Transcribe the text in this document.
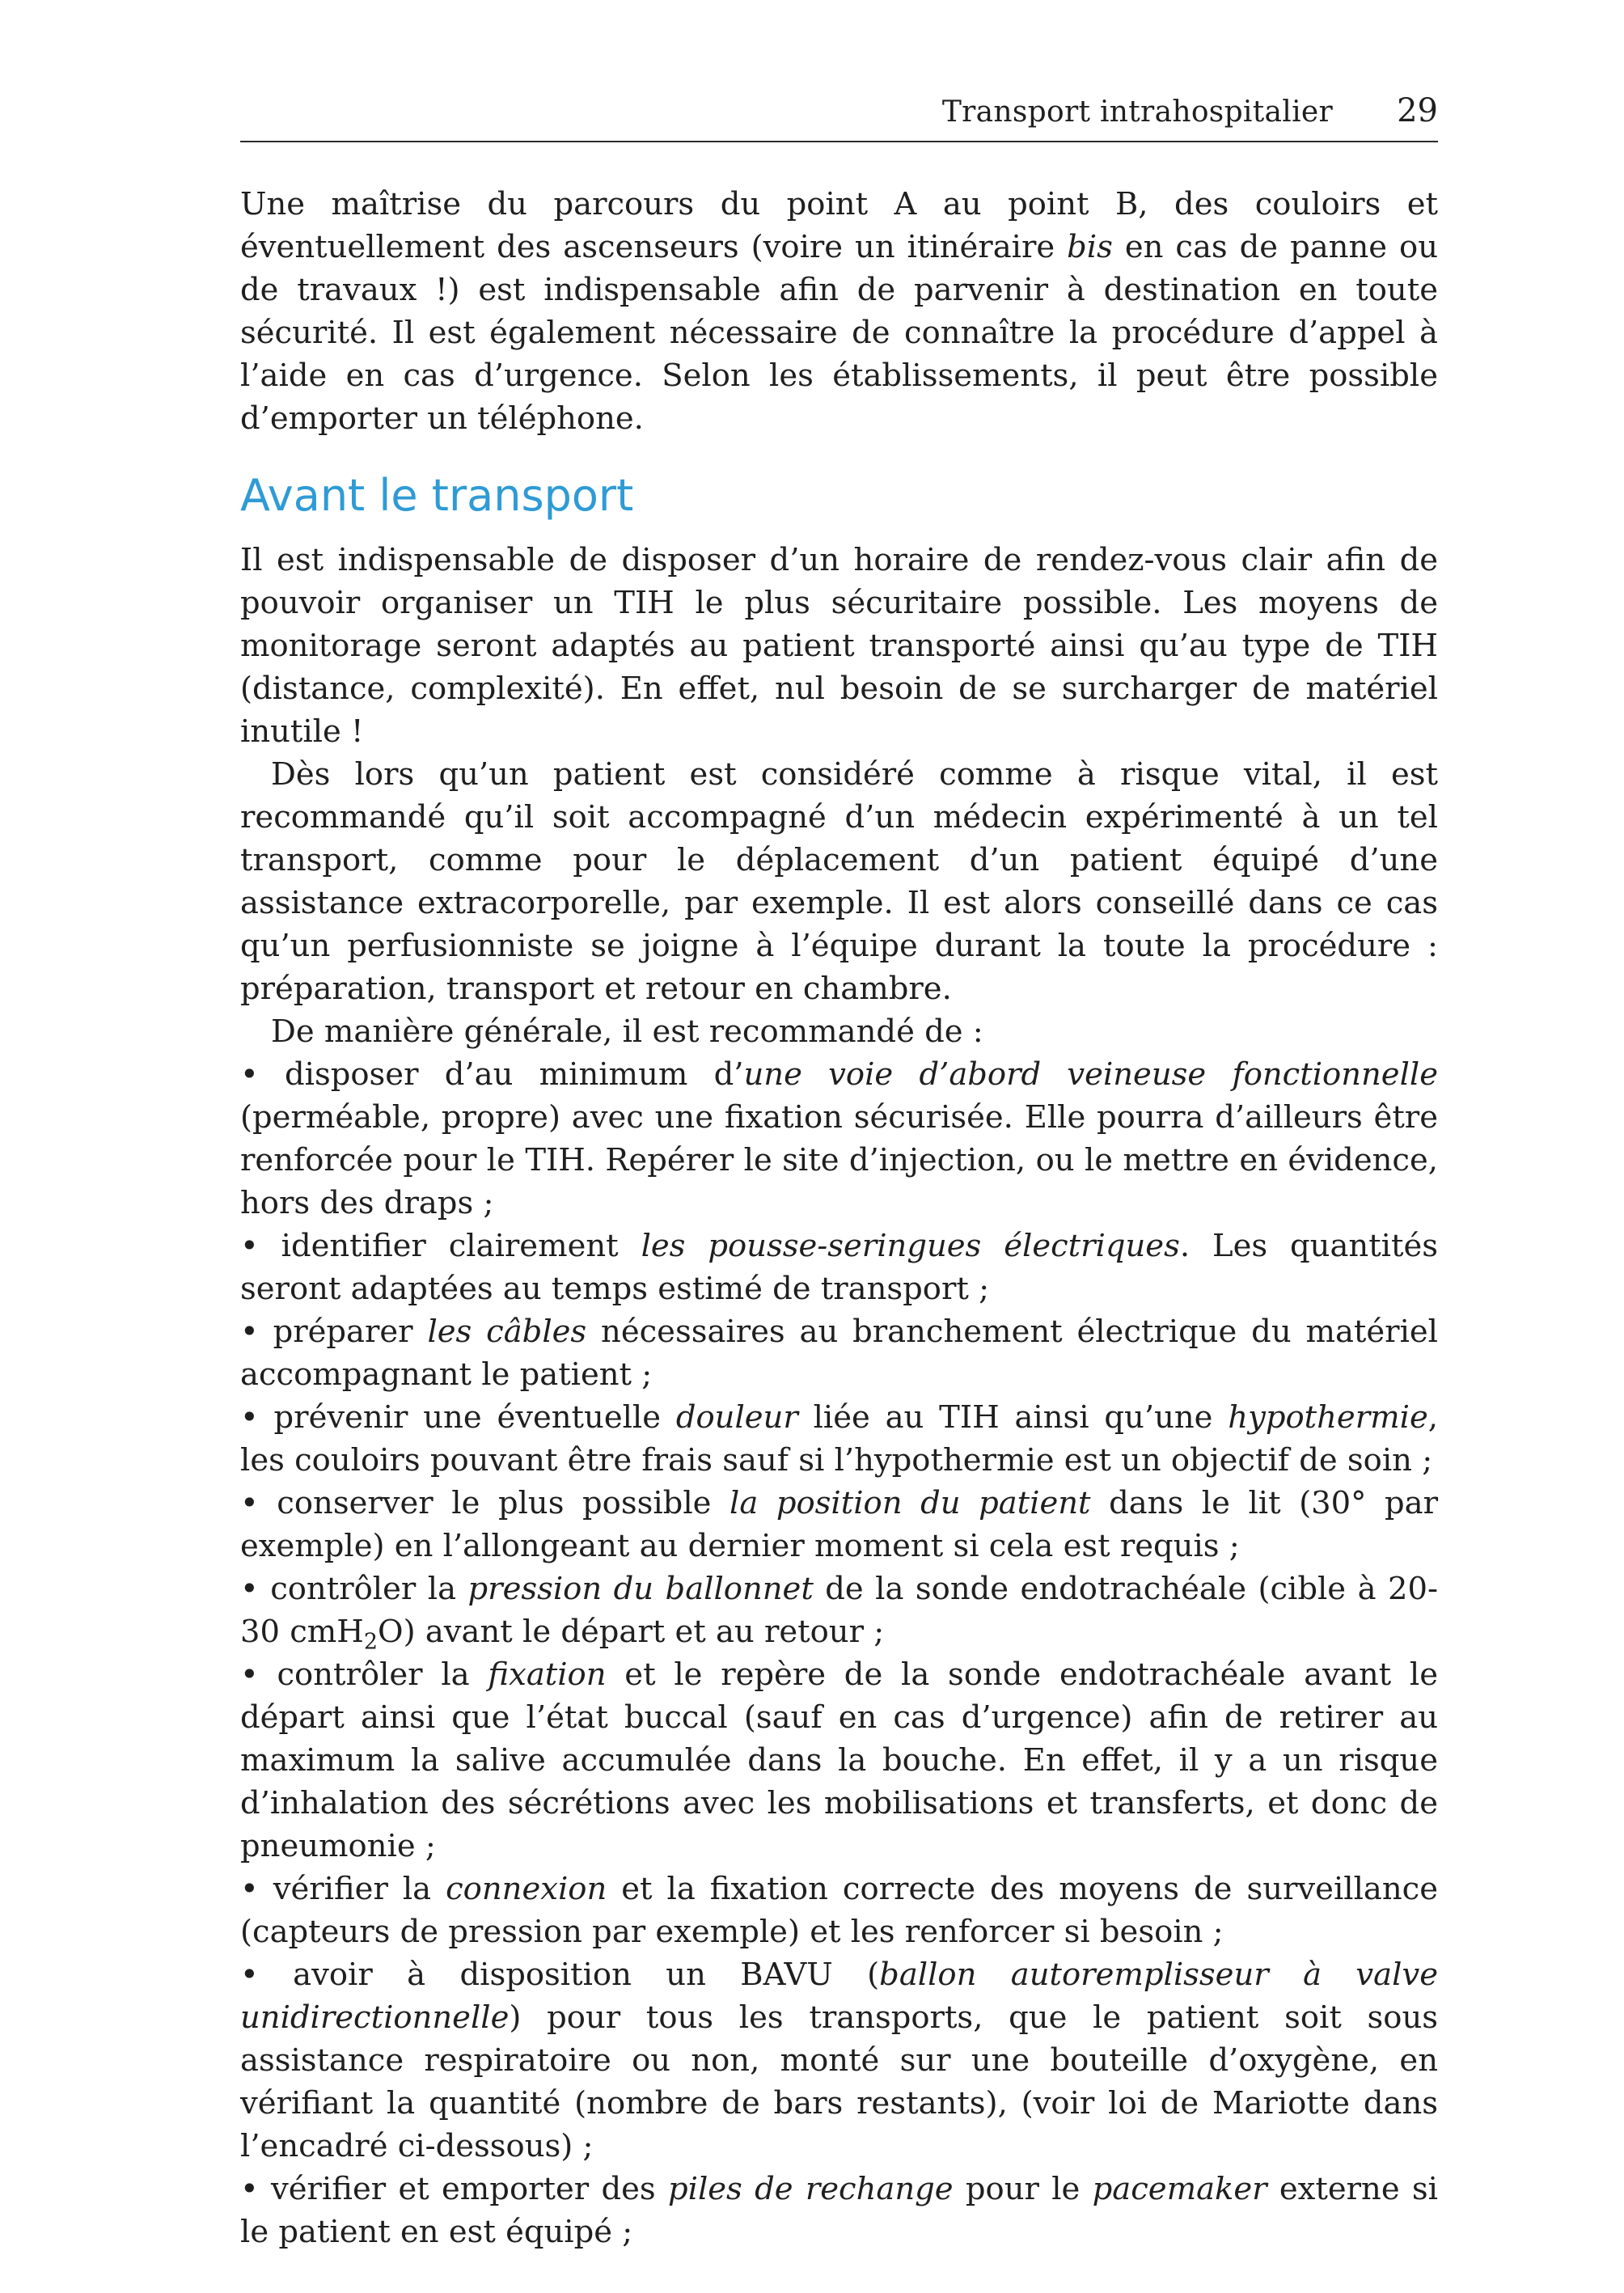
Transport intrahospitalier 29

Une maîtrise du parcours du point A au point B, des couloirs et éventuellement des ascenseurs (voire un itinéraire bis en cas de panne ou de travaux !) est indispensable afin de parvenir à destination en toute sécurité. Il est également nécessaire de connaître la procédure d’appel à l’aide en cas d’urgence. Selon les établissements, il peut être possible d’emporter un téléphone.

Avant le transport

Il est indispensable de disposer d’un horaire de rendez-vous clair afin de pouvoir organiser un TIH le plus sécuritaire possible. Les moyens de monitorage seront adaptés au patient transporté ainsi qu’au type de TIH (distance, complexité). En effet, nul besoin de se surcharger de matériel inutile !

Dès lors qu’un patient est considéré comme à risque vital, il est recommandé qu’il soit accompagné d’un médecin expérimenté à un tel transport, comme pour le déplacement d’un patient équipé d’une assistance extracorporelle, par exemple. Il est alors conseillé dans ce cas qu’un perfusionniste se joigne à l’équipe durant la toute la procédure : préparation, transport et retour en chambre.

De manière générale, il est recommandé de :

• disposer d’au minimum d’une voie d’abord veineuse fonctionnelle (perméable, propre) avec une fixation sécurisée. Elle pourra d’ailleurs être renforcée pour le TIH. Repérer le site d’injection, ou le mettre en évidence, hors des draps ;
• identifier clairement les pousse-seringues électriques. Les quantités seront adaptées au temps estimé de transport ;
• préparer les câbles nécessaires au branchement électrique du matériel accompagnant le patient ;
• prévenir une éventuelle douleur liée au TIH ainsi qu’une hypothermie, les couloirs pouvant être frais sauf si l’hypothermie est un objectif de soin ;
• conserver le plus possible la position du patient dans le lit (30° par exemple) en l’allongeant au dernier moment si cela est requis ;
• contrôler la pression du ballonnet de la sonde endotrachéale (cible à 20-30 cmH$_2$O) avant le départ et au retour ;
• contrôler la fixation et le repère de la sonde endotrachéale avant le départ ainsi que l’état buccal (sauf en cas d’urgence) afin de retirer au maximum la salive accumulée dans la bouche. En effet, il y a un risque d’inhalation des sécrétions avec les mobilisations et transferts, et donc de pneumonie ;
• vérifier la connexion et la fixation correcte des moyens de surveillance (capteurs de pression par exemple) et les renforcer si besoin ;
• avoir à disposition un BAVU (ballon autoremplisseur à valve unidirectionnelle) pour tous les transports, que le patient soit sous assistance respiratoire ou non, monté sur une bouteille d’oxygène, en vérifiant la quantité (nombre de bars restants), (voir loi de Mariotte dans l’encadré ci-dessous) ;
• vérifier et emporter des piles de rechange pour le pacemaker externe si le patient en est équipé ;
